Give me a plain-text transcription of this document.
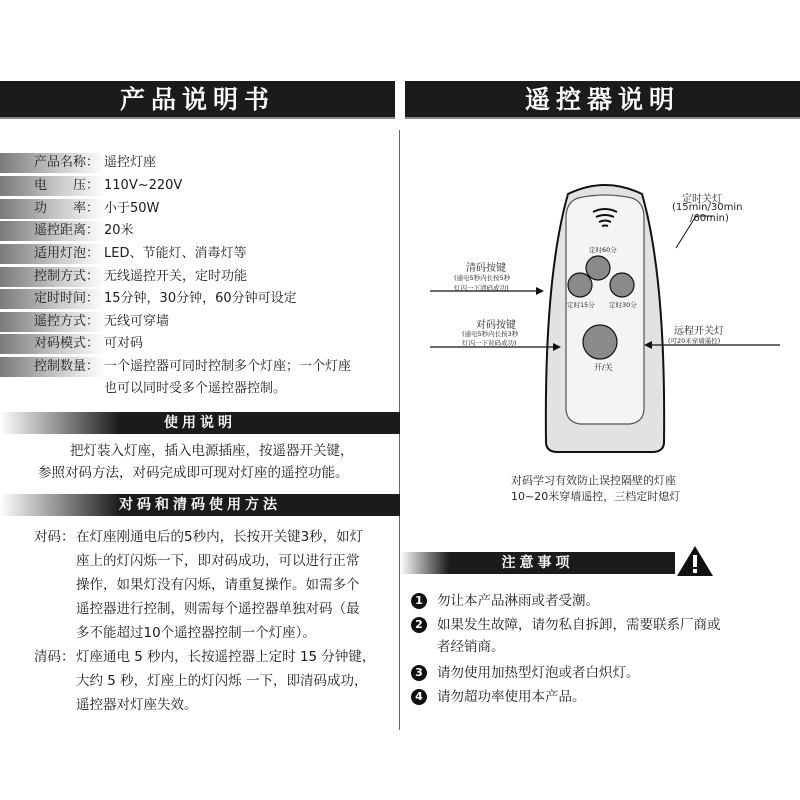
产品说明书	遥控器说明
产品名称： 遥控灯座
电  压： 110V~220V
功  率： 小于50W
遥控距离： 20米
适用灯泡： LED、节能灯、消毒灯等
控制方式： 无线遥控开关，定时功能
定时时间： 15分钟，30分钟，60分钟可设定
遥控方式： 无线可穿墙
对码模式： 可对码
控制数量： 一个遥控器可同时控制多个灯座；一个灯座
也可以同时受多个遥控器控制。
使用说明
把灯装入灯座，插入电源插座，按遥器开关键，
参照对码方法，对码完成即可现对灯座的遥控功能。
对码和清码使用方法
对码： 在灯座刚通电后的5秒内，长按开关键3秒，如灯
座上的灯闪烁一下，即对码成功，可以进行正常
操作，如果灯没有闪烁，请重复操作。如需多个
遥控器进行控制，则需每个遥控器单独对码（最
多不能超过10个遥控器控制一个灯座）。
清码： 灯座通电 5 秒内，长按遥控器上定时 15 分钟键，
大约 5 秒，灯座上的灯闪烁 一下，即清码成功，
遥控器对灯座失效。
定时60分
定时15分 定时30分
开/关
定时关灯
(15min/30min
/60min)
清码按键
(通电5秒内长按5秒
灯闪一下清码成功)
对码按键
(通电5秒内长按3秒
灯闪一下对码成功)
远程开关灯
(可20米穿墙遥控)
对码学习有效防止误控隔壁的灯座
10~20米穿墙遥控，三档定时熄灯
注意事项
1	勿让本产品淋雨或者受潮。
2	如果发生故障，请勿私自拆卸，需要联系厂商或
者经销商。
3	请勿使用加热型灯泡或者白炽灯。
4	请勿超功率使用本产品。
